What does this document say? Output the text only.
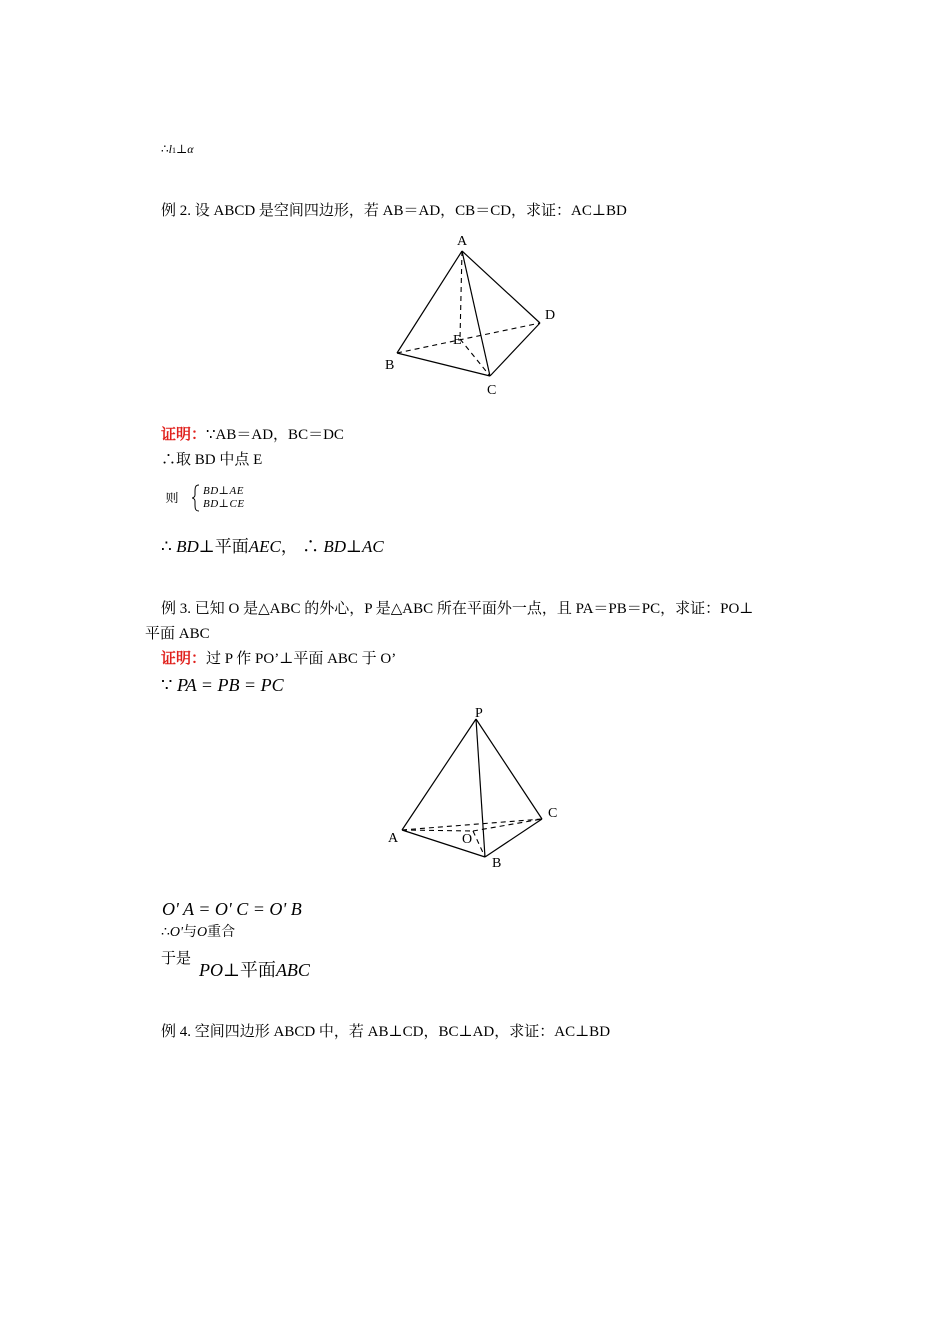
∴l1⊥α
例 2. 设 ABCD 是空间四边形，若 AB＝AD，CB＝CD，求证：AC⊥BD
A
B
C
D
E
证明：∵AB＝AD，BC＝DC
∴取 BD 中点 E
则 BD⊥AE
BD⊥CE
∴ BD⊥平面AEC， ∴ BD⊥AC
例 3. 已知 O 是△ABC 的外心，P 是△ABC 所在平面外一点，且 PA＝PB＝PC，求证：PO⊥
平面 ABC
证明：过 P 作 PO’⊥平面 ABC 于 O’
∵ PA = PB = PC
P
A
B
C
O
O' A = O' C = O' B
∴O'与O重合
于是
PO⊥平面ABC
例 4. 空间四边形 ABCD 中，若 AB⊥CD，BC⊥AD，求证：AC⊥BD
